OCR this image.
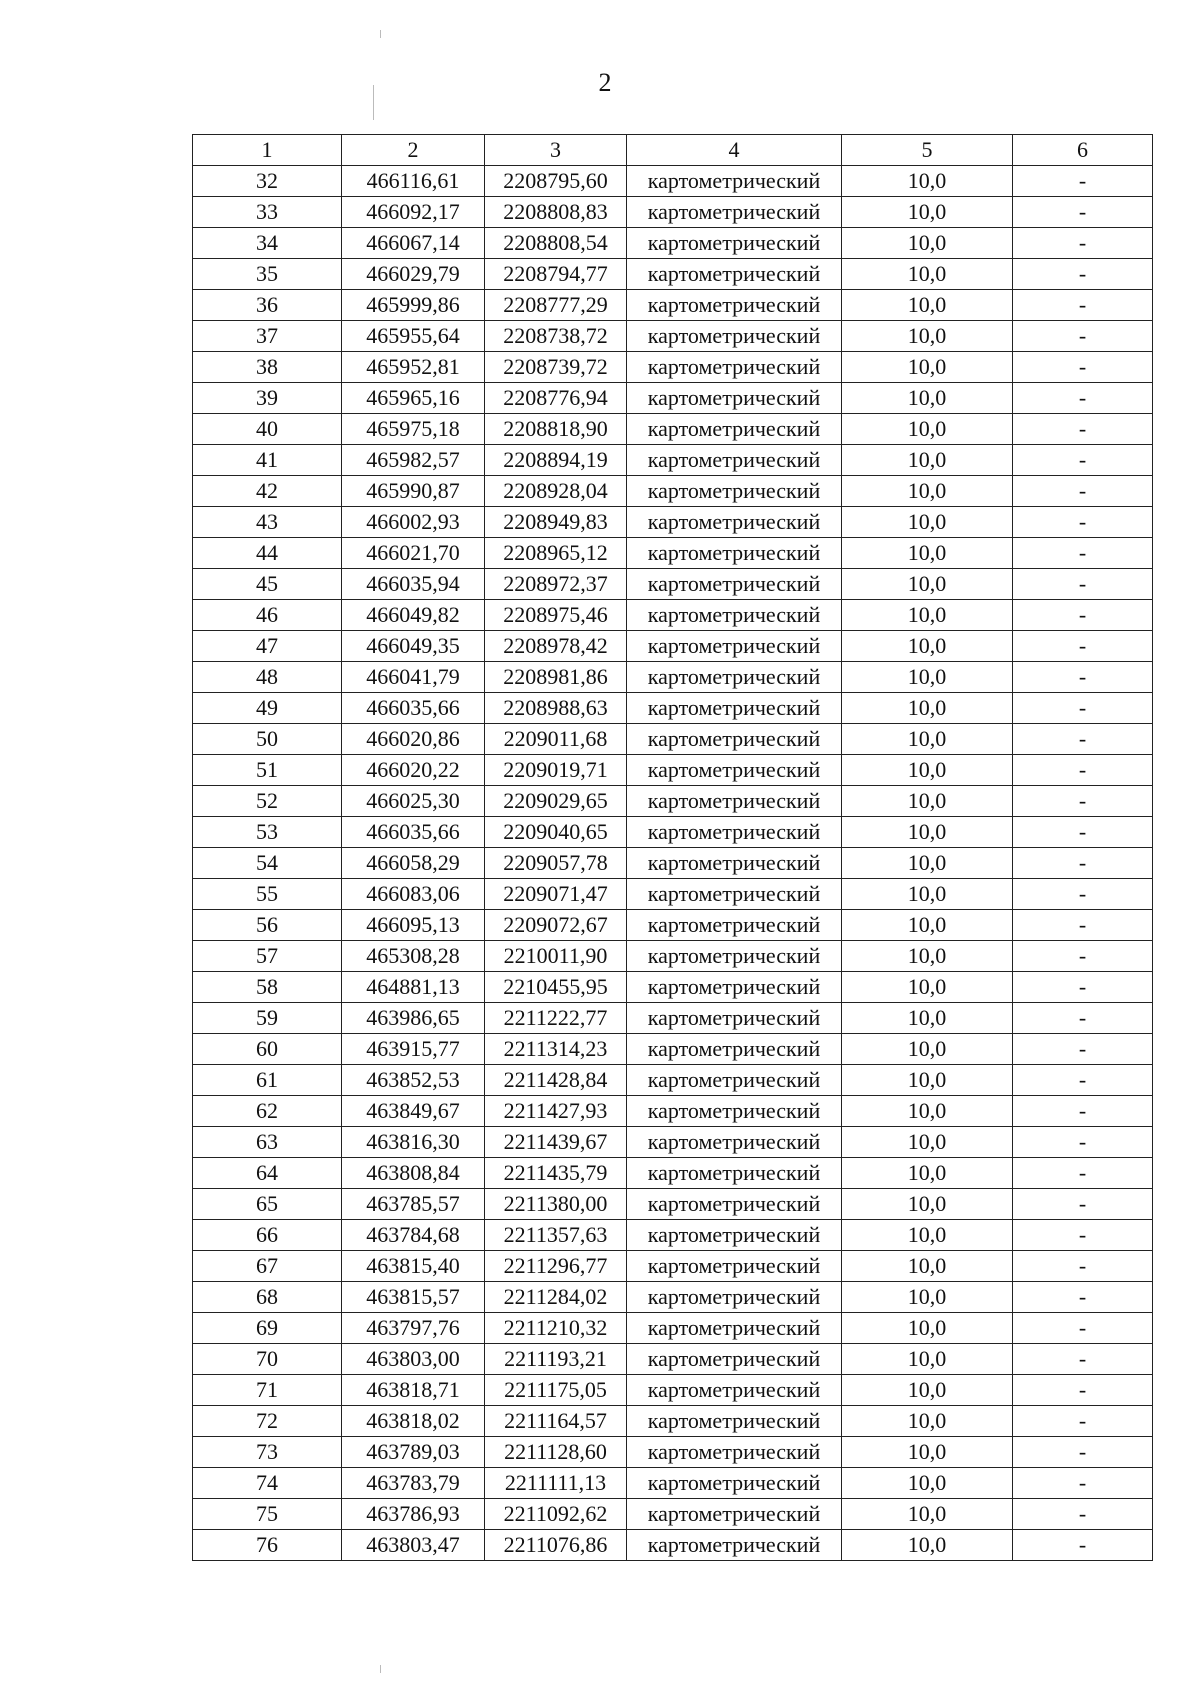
2
1	2	3	4	5	6
32	466116,61	2208795,60	картометрический	10,0	-
33	466092,17	2208808,83	картометрический	10,0	-
34	466067,14	2208808,54	картометрический	10,0	-
35	466029,79	2208794,77	картометрический	10,0	-
36	465999,86	2208777,29	картометрический	10,0	-
37	465955,64	2208738,72	картометрический	10,0	-
38	465952,81	2208739,72	картометрический	10,0	-
39	465965,16	2208776,94	картометрический	10,0	-
40	465975,18	2208818,90	картометрический	10,0	-
41	465982,57	2208894,19	картометрический	10,0	-
42	465990,87	2208928,04	картометрический	10,0	-
43	466002,93	2208949,83	картометрический	10,0	-
44	466021,70	2208965,12	картометрический	10,0	-
45	466035,94	2208972,37	картометрический	10,0	-
46	466049,82	2208975,46	картометрический	10,0	-
47	466049,35	2208978,42	картометрический	10,0	-
48	466041,79	2208981,86	картометрический	10,0	-
49	466035,66	2208988,63	картометрический	10,0	-
50	466020,86	2209011,68	картометрический	10,0	-
51	466020,22	2209019,71	картометрический	10,0	-
52	466025,30	2209029,65	картометрический	10,0	-
53	466035,66	2209040,65	картометрический	10,0	-
54	466058,29	2209057,78	картометрический	10,0	-
55	466083,06	2209071,47	картометрический	10,0	-
56	466095,13	2209072,67	картометрический	10,0	-
57	465308,28	2210011,90	картометрический	10,0	-
58	464881,13	2210455,95	картометрический	10,0	-
59	463986,65	2211222,77	картометрический	10,0	-
60	463915,77	2211314,23	картометрический	10,0	-
61	463852,53	2211428,84	картометрический	10,0	-
62	463849,67	2211427,93	картометрический	10,0	-
63	463816,30	2211439,67	картометрический	10,0	-
64	463808,84	2211435,79	картометрический	10,0	-
65	463785,57	2211380,00	картометрический	10,0	-
66	463784,68	2211357,63	картометрический	10,0	-
67	463815,40	2211296,77	картометрический	10,0	-
68	463815,57	2211284,02	картометрический	10,0	-
69	463797,76	2211210,32	картометрический	10,0	-
70	463803,00	2211193,21	картометрический	10,0	-
71	463818,71	2211175,05	картометрический	10,0	-
72	463818,02	2211164,57	картометрический	10,0	-
73	463789,03	2211128,60	картометрический	10,0	-
74	463783,79	2211111,13	картометрический	10,0	-
75	463786,93	2211092,62	картометрический	10,0	-
76	463803,47	2211076,86	картометрический	10,0	-
